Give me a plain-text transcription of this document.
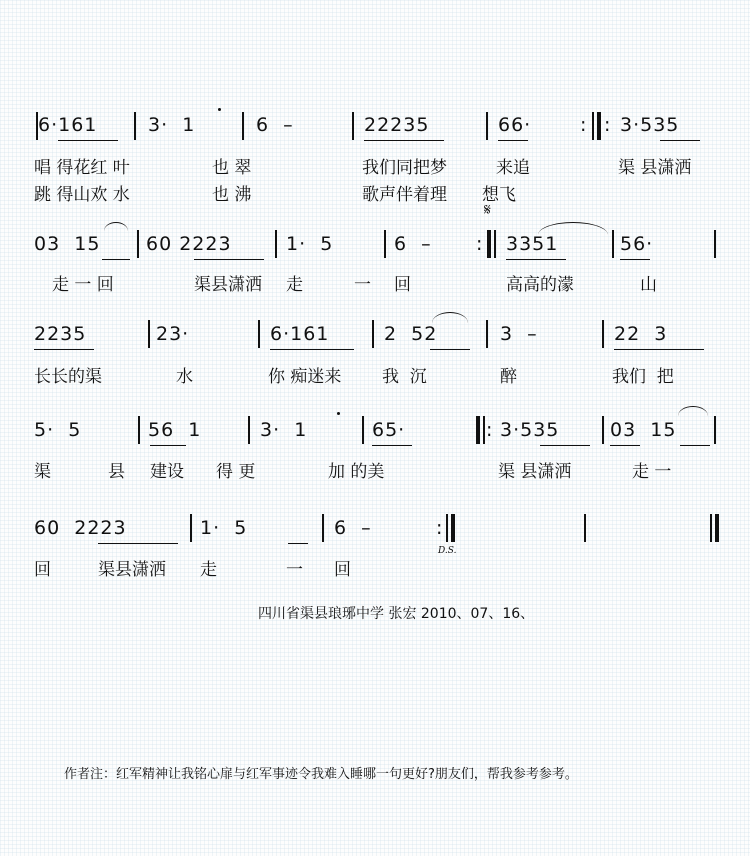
6·161	3·  1	6  –	22235	66·	: : 3·535
唱 得花红 叶	也 翠	我们同把梦	来追	渠 县潇洒
跳 得山欢 水	也 沸	歌声伴着理 想飞
𝄋
03  15 60 2223	1·  5	6  – : 3351	56·
走 一 回	渠县潇洒 走	一 回	高高的濛	山
2235	23·	6·161	2  52	3  –	22  3
长长的渠	水	你 痴迷来 我  沉	醉	我们  把
5·  5	56  1	3·  1	65·	: 3·535	03  15
渠	县 建设 得 更	加 的美	渠 县潇洒	走 一
60  2223	1·  5	6  –	:
D.S.
回	渠县潇洒 走	一 回
四川省渠县琅琊中学 张宏 2010、07、16、
作者注：红军精神让我铭心扉与红军事迹令我难入睡哪一句更好?朋友们，帮我参考参考。
